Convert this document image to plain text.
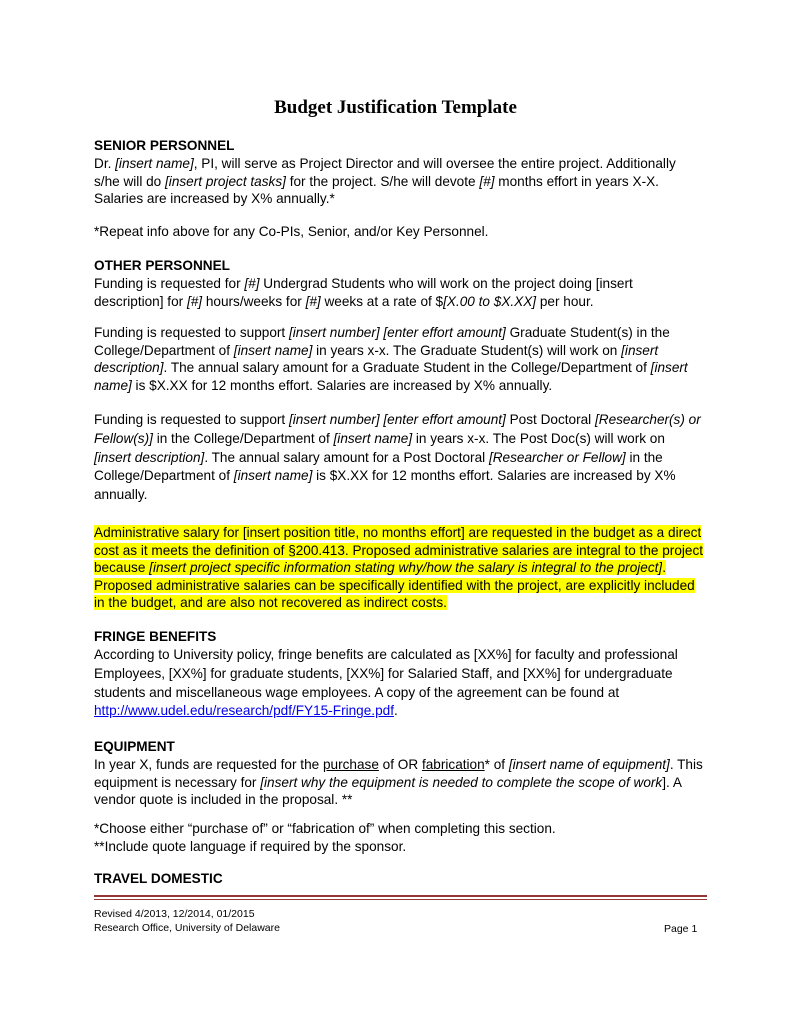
Budget Justification Template
SENIOR PERSONNEL
Dr. [insert name], PI, will serve as Project Director and will oversee the entire project. Additionally s/he will do [insert project tasks] for the project. S/he will devote [#] months effort in years X-X. Salaries are increased by X% annually.*
*Repeat info above for any Co-PIs, Senior, and/or Key Personnel.
OTHER PERSONNEL
Funding is requested for [#] Undergrad Students who will work on the project doing [insert description] for [#] hours/weeks for [#] weeks at a rate of $[X.00 to $X.XX] per hour.
Funding is requested to support [insert number] [enter effort amount] Graduate Student(s) in the College/Department of [insert name] in years x-x. The Graduate Student(s) will work on [insert description]. The annual salary amount for a Graduate Student in the College/Department of [insert name] is $X.XX for 12 months effort. Salaries are increased by X% annually.
Funding is requested to support [insert number] [enter effort amount] Post Doctoral [Researcher(s) or Fellow(s)] in the College/Department of [insert name] in years x-x. The Post Doc(s) will work on [insert description]. The annual salary amount for a Post Doctoral [Researcher or Fellow] in the College/Department of [insert name] is $X.XX for 12 months effort. Salaries are increased by X% annually.
Administrative salary for [insert position title, no months effort] are requested in the budget as a direct cost as it meets the definition of §200.413. Proposed administrative salaries are integral to the project because [insert project specific information stating why/how the salary is integral to the project]. Proposed administrative salaries can be specifically identified with the project, are explicitly included in the budget, and are also not recovered as indirect costs.
FRINGE BENEFITS
According to University policy, fringe benefits are calculated as [XX%] for faculty and professional Employees, [XX%] for graduate students, [XX%] for Salaried Staff, and [XX%] for undergraduate students and miscellaneous wage employees. A copy of the agreement can be found at http://www.udel.edu/research/pdf/FY15-Fringe.pdf.
EQUIPMENT
In year X, funds are requested for the purchase of OR fabrication* of [insert name of equipment]. This equipment is necessary for [insert why the equipment is needed to complete the scope of work]. A vendor quote is included in the proposal. **
*Choose either “purchase of” or “fabrication of” when completing this section.
**Include quote language if required by the sponsor.
TRAVEL DOMESTIC
Revised 4/2013, 12/2014, 01/2015
Research Office, University of Delaware	Page 1
